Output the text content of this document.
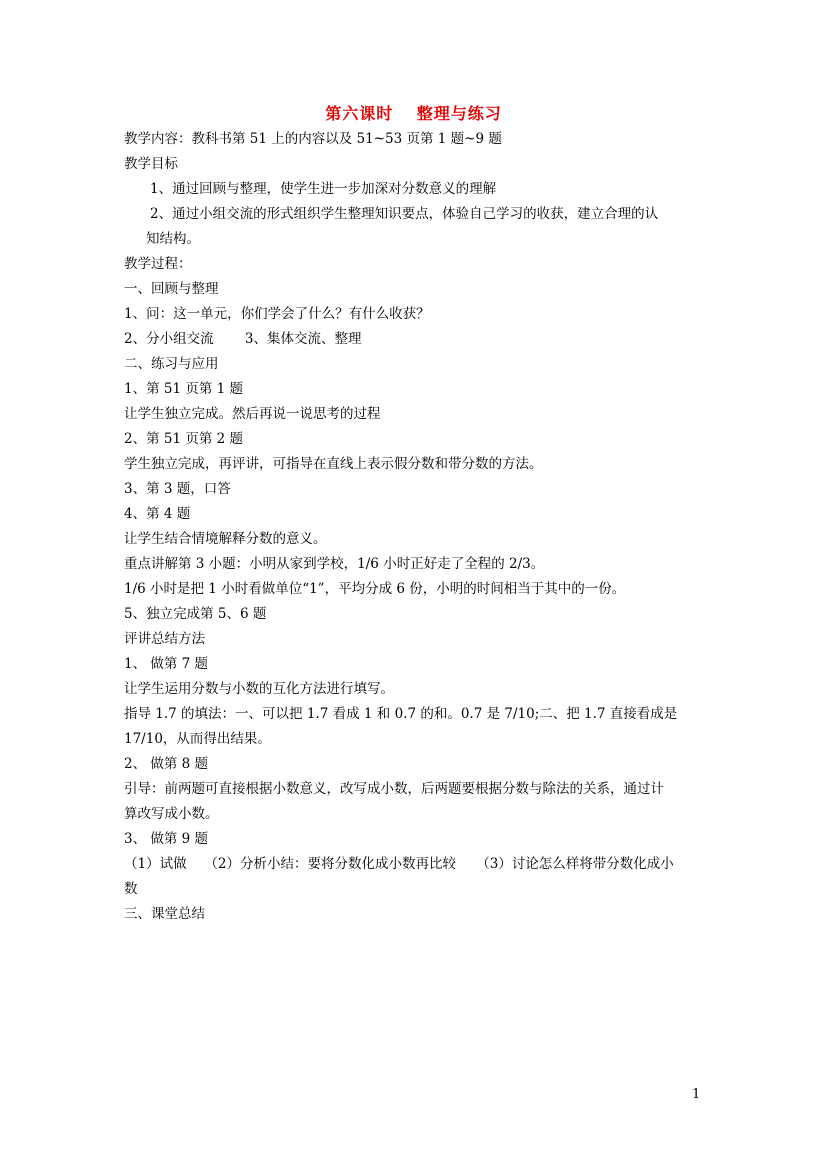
第六课时　 整理与练习
教学内容：教科书第 51 上的内容以及 51~53 页第 1 题~9 题
教学目标
1、通过回顾与整理，使学生进一步加深对分数意义的理解
2、通过小组交流的形式组织学生整理知识要点，体验自己学习的收获，建立合理的认
知结构。
教学过程：
一、回顾与整理
1、问：这一单元，你们学会了什么？有什么收获？
2、分小组交流　　 3、集体交流、整理
二、练习与应用
1、第 51 页第 1 题
让学生独立完成。然后再说一说思考的过程
2、第 51 页第 2 题
学生独立完成，再评讲，可指导在直线上表示假分数和带分数的方法。
3、第 3 题，口答
4、第 4 题
让学生结合情境解释分数的意义。
重点讲解第 3 小题：小明从家到学校，1/6 小时正好走了全程的 2/3。
1/6 小时是把 1 小时看做单位“1”，平均分成 6 份，小明的时间相当于其中的一份。
5、独立完成第 5、6 题
评讲总结方法
1、 做第 7 题
让学生运用分数与小数的互化方法进行填写。
指导 1.7 的填法：一、可以把 1.7 看成 1 和 0.7 的和。0.7 是 7/10;二、把 1.7 直接看成是
17/10，从而得出结果。
2、 做第 8 题
引导：前两题可直接根据小数意义，改写成小数，后两题要根据分数与除法的关系，通过计
算改写成小数。
3、 做第 9 题
（1）试做　 （2）分析小结：要将分数化成小数再比较　　（3）讨论怎么样将带分数化成小
数
三、课堂总结
1
